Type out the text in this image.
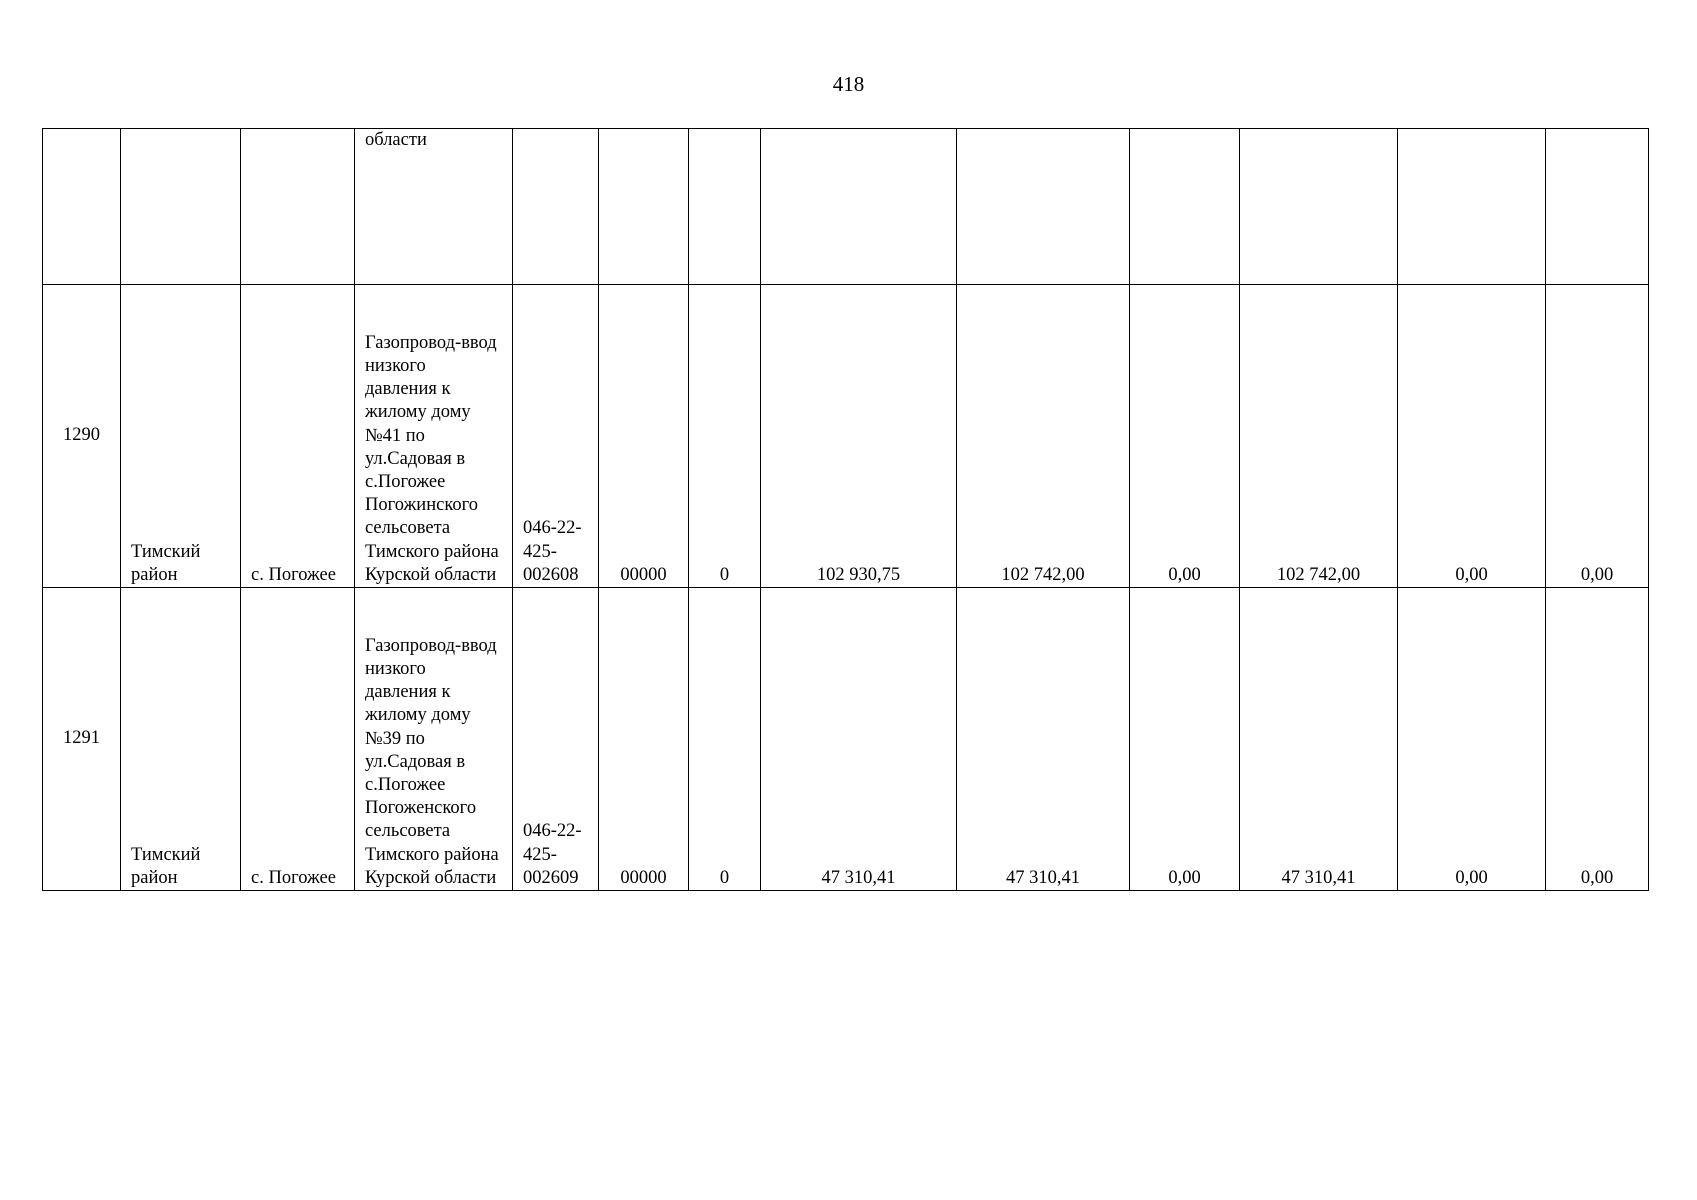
418

			области									

1290	Тимский район	с. Погожее	Газопровод-ввод низкого давления к жилому дому №41 по ул.Садовая в с.Погожее Погожинского сельсовета Тимского района Курской области	046-22-425-002608	00000	0	102 930,75	102 742,00	0,00	102 742,00	0,00	0,00
1291	Тимский район	с. Погожее	Газопровод-ввод низкого давления к жилому дому №39 по ул.Садовая в с.Погожее Погоженского сельсовета Тимского района Курской области	046-22-425-002609	00000	0	47 310,41	47 310,41	0,00	47 310,41	0,00	0,00
